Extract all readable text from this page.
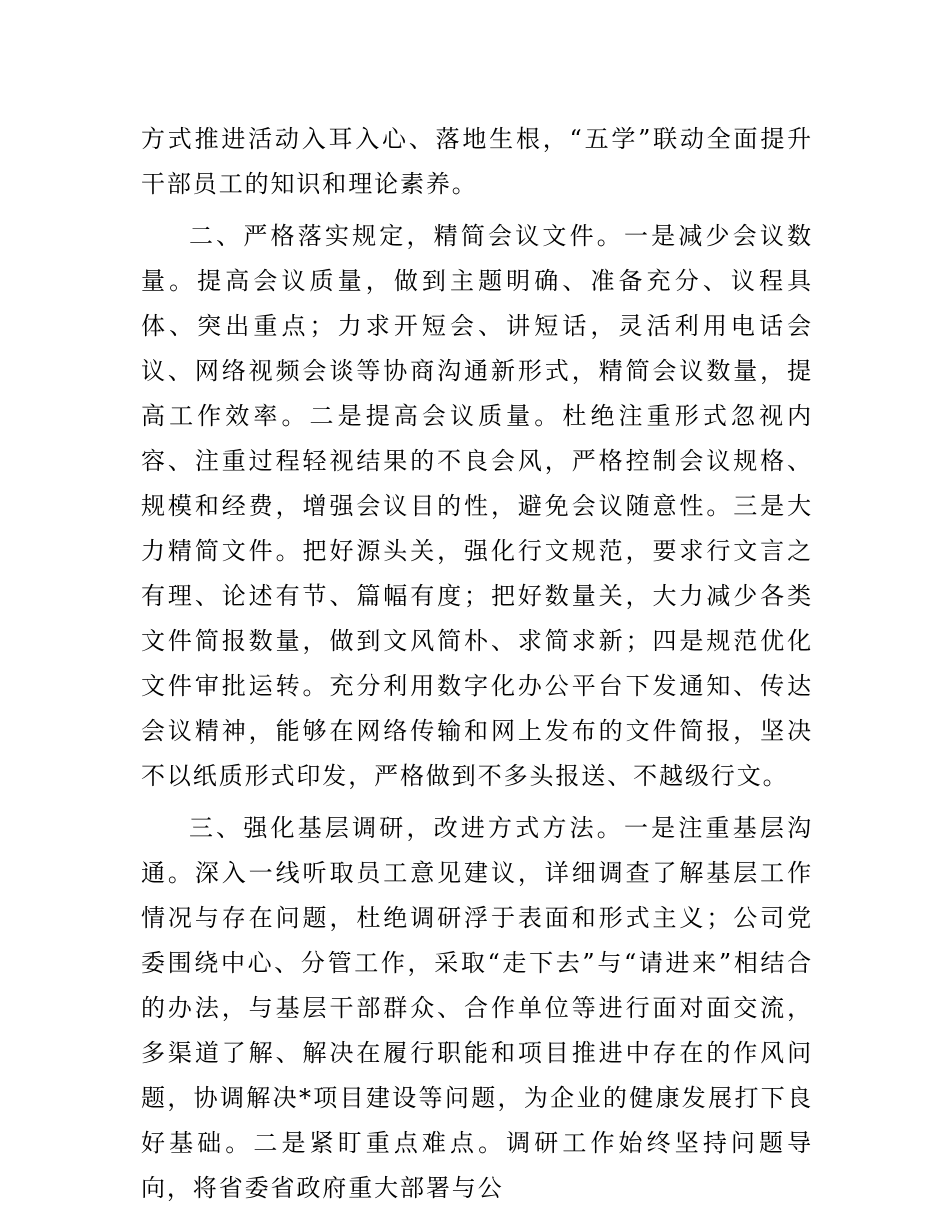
方式推进活动入耳入心、落地生根，“五学”联动全面提升干部员工的知识和理论素养。

二、严格落实规定，精简会议文件。一是减少会议数量。提高会议质量，做到主题明确、准备充分、议程具体、突出重点；力求开短会、讲短话，灵活利用电话会议、网络视频会谈等协商沟通新形式，精简会议数量，提高工作效率。二是提高会议质量。杜绝注重形式忽视内容、注重过程轻视结果的不良会风，严格控制会议规格、规模和经费，增强会议目的性，避免会议随意性。三是大力精简文件。把好源头关，强化行文规范，要求行文言之有理、论述有节、篇幅有度；把好数量关，大力减少各类文件简报数量，做到文风简朴、求简求新；四是规范优化文件审批运转。充分利用数字化办公平台下发通知、传达会议精神，能够在网络传输和网上发布的文件简报，坚决不以纸质形式印发，严格做到不多头报送、不越级行文。

三、强化基层调研，改进方式方法。一是注重基层沟通。深入一线听取员工意见建议，详细调查了解基层工作情况与存在问题，杜绝调研浮于表面和形式主义；公司党委围绕中心、分管工作，采取“走下去”与“请进来”相结合的办法，与基层干部群众、合作单位等进行面对面交流，多渠道了解、解决在履行职能和项目推进中存在的作风问题，协调解决*项目建设等问题，为企业的健康发展打下良好基础。二是紧盯重点难点。调研工作始终坚持问题导向，将省委省政府重大部署与公
